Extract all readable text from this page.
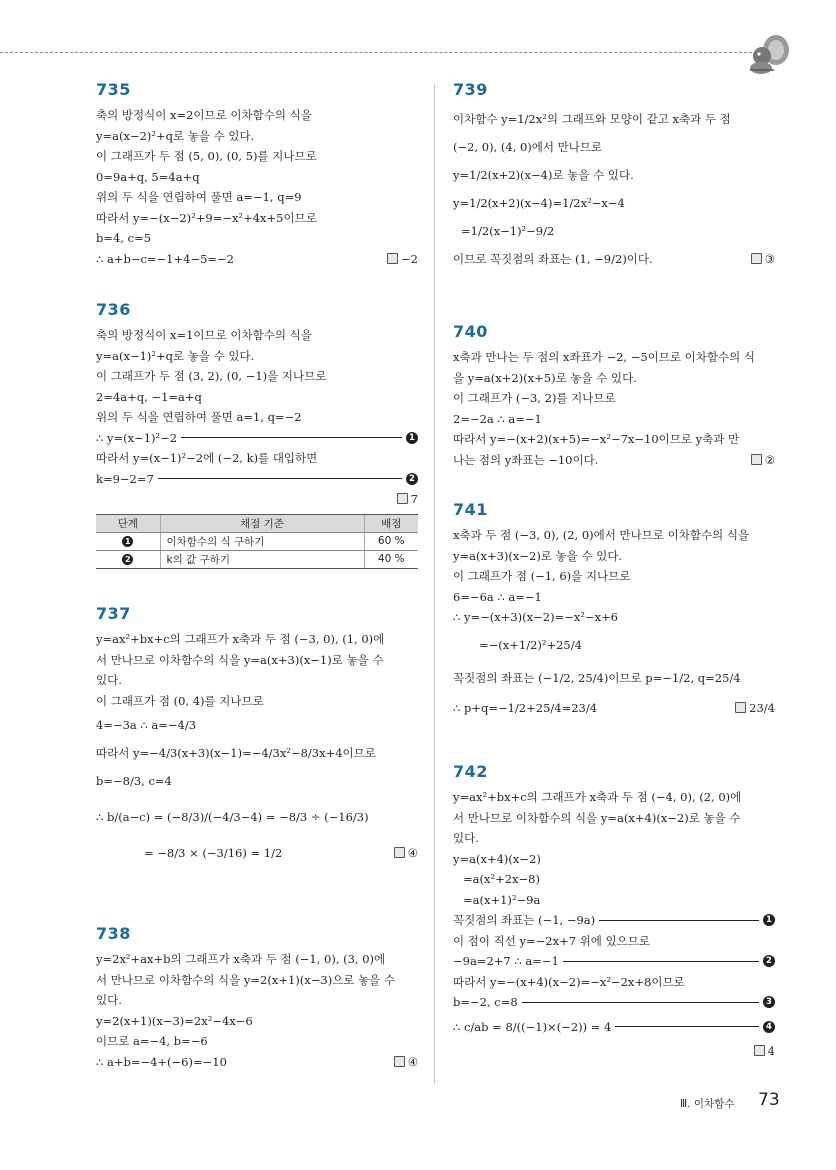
735
축의 방정식이 x=2이므로 이차함수의 식을
y=a(x−2)²+q로 놓을 수 있다.
이 그래프가 두 점 (5, 0), (0, 5)를 지나므로
0=9a+q, 5=4a+q
위의 두 식을 연립하여 풀면 a=−1, q=9
따라서 y=−(x−2)²+9=−x²+4x+5이므로
b=4, c=5
∴ a+b−c=−1+4−5=−2	−2
736
축의 방정식이 x=1이므로 이차함수의 식을
y=a(x−1)²+q로 놓을 수 있다.
이 그래프가 두 점 (3, 2), (0, −1)을 지나므로
2=4a+q, −1=a+q
위의 두 식을 연립하여 풀면 a=1, q=−2
∴ y=(x−1)²−2	1
따라서 y=(x−1)²−2에 (−2, k)를 대입하면
k=9−2=7	2
7
단계	채점 기준	배점
1	이차함수의 식 구하기	60 %
2	k의 값 구하기	40 %
737
y=ax²+bx+c의 그래프가 x축과 두 점 (−3, 0), (1, 0)에
서 만나므로 이차함수의 식을 y=a(x+3)(x−1)로 놓을 수
있다.
이 그래프가 점 (0, 4)를 지나므로
4=−3a ∴ a=−4/3
따라서 y=−4/3(x+3)(x−1)=−4/3x²−8/3x+4이므로
b=−8/3, c=4
∴ b/(a−c) = (−8/3)/(−4/3−4) = −8/3 ÷ (−16/3)
= −8/3 × (−3/16) = 1/2	④
738
y=2x²+ax+b의 그래프가 x축과 두 점 (−1, 0), (3, 0)에
서 만나므로 이차함수의 식을 y=2(x+1)(x−3)으로 놓을 수
있다.
y=2(x+1)(x−3)=2x²−4x−6
이므로 a=−4, b=−6
∴ a+b=−4+(−6)=−10	④
739
이차함수 y=1/2x²의 그래프와 모양이 같고 x축과 두 점
(−2, 0), (4, 0)에서 만나므로
y=1/2(x+2)(x−4)로 놓을 수 있다.
y=1/2(x+2)(x−4)=1/2x²−x−4
=1/2(x−1)²−9/2
이므로 꼭짓점의 좌표는 (1, −9/2)이다.	③
740
x축과 만나는 두 점의 x좌표가 −2, −5이므로 이차함수의 식
을 y=a(x+2)(x+5)로 놓을 수 있다.
이 그래프가 (−3, 2)를 지나므로
2=−2a ∴ a=−1
따라서 y=−(x+2)(x+5)=−x²−7x−10이므로 y축과 만
나는 점의 y좌표는 −10이다.	②
741
x축과 두 점 (−3, 0), (2, 0)에서 만나므로 이차함수의 식을
y=a(x+3)(x−2)로 놓을 수 있다.
이 그래프가 점 (−1, 6)을 지나므로
6=−6a ∴ a=−1
∴ y=−(x+3)(x−2)=−x²−x+6
=−(x+1/2)²+25/4
꼭짓점의 좌표는 (−1/2, 25/4)이므로 p=−1/2, q=25/4
∴ p+q=−1/2+25/4=23/4	23/4
742
y=ax²+bx+c의 그래프가 x축과 두 점 (−4, 0), (2, 0)에
서 만나므로 이차함수의 식을 y=a(x+4)(x−2)로 놓을 수
있다.
y=a(x+4)(x−2)
=a(x²+2x−8)
=a(x+1)²−9a
꼭짓점의 좌표는 (−1, −9a)	1
이 점이 직선 y=−2x+7 위에 있으므로
−9a=2+7 ∴ a=−1	2
따라서 y=−(x+4)(x−2)=−x²−2x+8이므로
b=−2, c=8	3
∴ c/ab = 8/((−1)×(−2)) = 4	4
4
Ⅲ. 이차함수 73
